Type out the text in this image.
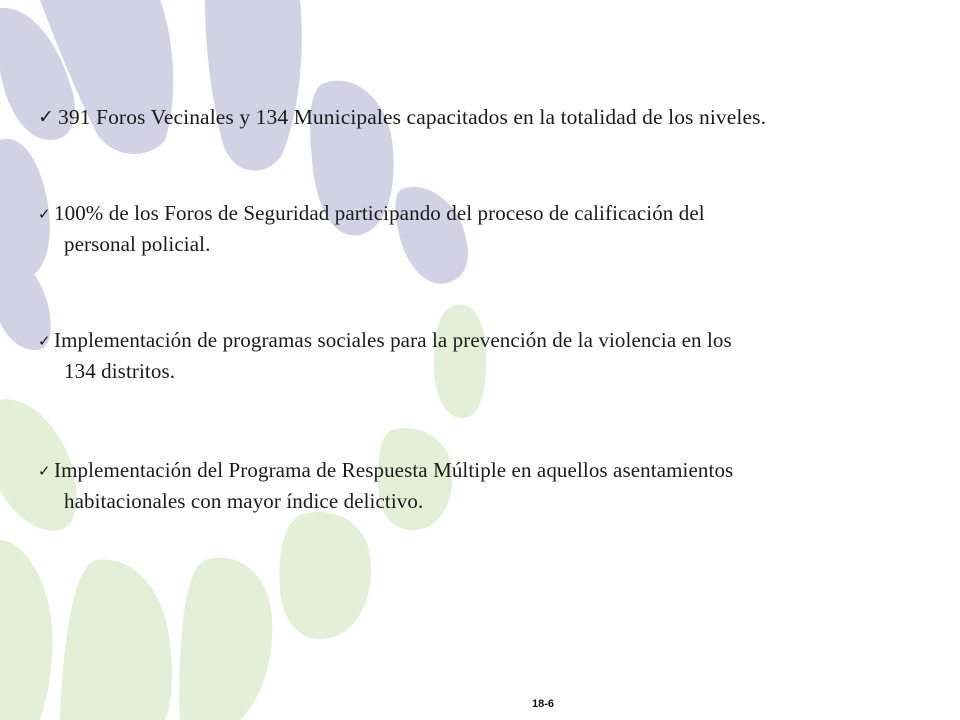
✓ 391 Foros Vecinales y 134 Municipales capacitados en la totalidad de los niveles.
✓ 100% de los Foros de Seguridad participando del proceso de calificación del
personal policial.
✓ Implementación de programas sociales para la prevención de la violencia en los
134 distritos.
✓ Implementación del Programa de Respuesta Múltiple en aquellos asentamientos
habitacionales con mayor índice delictivo.
18-6
